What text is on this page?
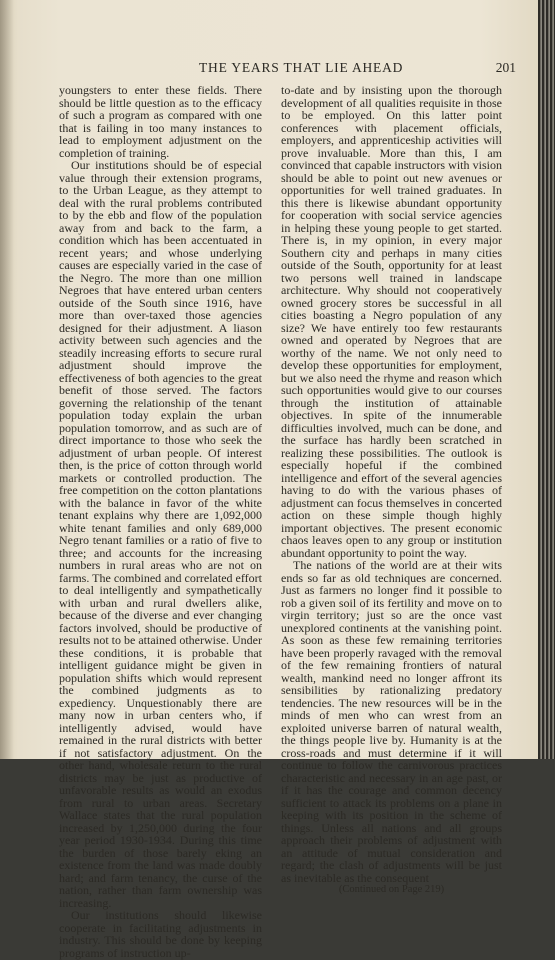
THE YEARS THAT LIE AHEAD	201

youngsters to enter these fields. There should be little question as to the efficacy of such a program as compared with one that is failing in too many instances to lead to employment adjustment on the completion of training.

Our institutions should be of especial value through their extension programs, to the Urban League, as they attempt to deal with the rural problems contributed to by the ebb and flow of the population away from and back to the farm, a condition which has been accentuated in recent years; and whose underlying causes are especially varied in the case of the Negro. The more than one million Negroes that have entered urban centers outside of the South since 1916, have more than over-taxed those agencies designed for their adjustment. A liason activity between such agencies and the steadily increasing efforts to secure rural adjustment should improve the effectiveness of both agencies to the great benefit of those served. The factors governing the relationship of the tenant population today explain the urban population tomorrow, and as such are of direct importance to those who seek the adjustment of urban people. Of interest then, is the price of cotton through world markets or controlled production. The free competition on the cotton plantations with the balance in favor of the white tenant explains why there are 1,092,000 white tenant families and only 689,000 Negro tenant families or a ratio of five to three; and accounts for the increasing numbers in rural areas who are not on farms. The combined and correlated effort to deal intelligently and sympathetically with urban and rural dwellers alike, because of the diverse and ever changing factors involved, should be productive of results not to be attained otherwise. Under these conditions, it is probable that intelligent guidance might be given in population shifts which would represent the combined judgments as to expediency. Unquestionably there are many now in urban centers who, if intelligently advised, would have remained in the rural districts with better if not satisfactory adjustment. On the other hand, wholesale return to the rural districts may be just as productive of unfavorable results as would an exodus from rural to urban areas. Secretary Wallace states that the rural population increased by 1,250,000 during the four year period 1930-1934. During this time the burden of those barely eking an existence from the land was made doubly hard; and farm tenancy, the curse of the nation, rather than farm ownership was increasing.

Our institutions should likewise cooperate in facilitating adjustments in industry. This should be done by keeping programs of instruction up-

to-date and by insisting upon the thorough development of all qualities requisite in those to be employed. On this latter point conferences with placement officials, employers, and apprenticeship activities will prove invaluable. More than this, I am convinced that capable instructors with vision should be able to point out new avenues or opportunities for well trained graduates. In this there is likewise abundant opportunity for cooperation with social service agencies in helping these young people to get started. There is, in my opinion, in every major Southern city and perhaps in many cities outside of the South, opportunity for at least two persons well trained in landscape architecture. Why should not cooperatively owned grocery stores be successful in all cities boasting a Negro population of any size? We have entirely too few restaurants owned and operated by Negroes that are worthy of the name. We not only need to develop these opportunities for employment, but we also need the rhyme and reason which such opportunities would give to our courses through the institution of attainable objectives. In spite of the innumerable difficulties involved, much can be done, and the surface has hardly been scratched in realizing these possibilities. The outlook is especially hopeful if the combined intelligence and effort of the several agencies having to do with the various phases of adjustment can focus themselves in concerted action on these simple though highly important objectives. The present economic chaos leaves open to any group or institution abundant opportunity to point the way.

The nations of the world are at their wits ends so far as old techniques are concerned. Just as farmers no longer find it possible to rob a given soil of its fertility and move on to virgin territory; just so are the once vast unexplored continents at the vanishing point. As soon as these few remaining territories have been properly ravaged with the removal of the few remaining frontiers of natural wealth, mankind need no longer affront its sensibilities by rationalizing predatory tendencies. The new resources will be in the minds of men who can wrest from an exploited universe barren of natural wealth, the things people live by. Humanity is at the cross-roads and must determine if it will continue to follow the carnivorous practices characteristic and necessary in an age past, or if it has the courage and common decency sufficient to attack its problems on a plane in keeping with its position in the scheme of things. Unless all nations and all groups approach their problems of adjustment with an attitude of mutual consideration and regard; the clash of adjustments will be just as inevitable as the consequent

(Continued on Page 219)
